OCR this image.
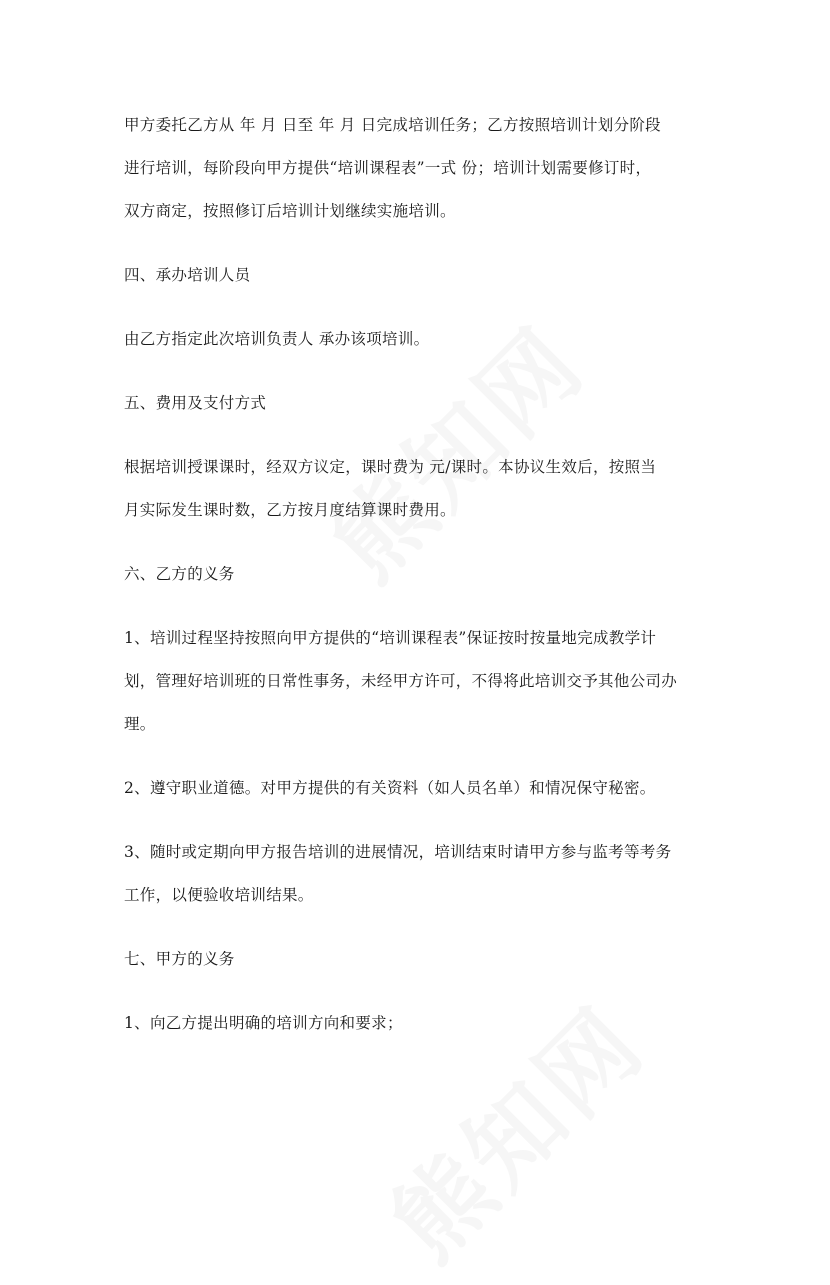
甲方委托乙方从 年 月 日至 年 月 日完成培训任务；乙方按照培训计划分阶段
进行培训，每阶段向甲方提供“培训课程表”一式 份；培训计划需要修订时，
双方商定，按照修订后培训计划继续实施培训。

四、承办培训人员

由乙方指定此次培训负责人 承办该项培训。

五、费用及支付方式

根据培训授课课时，经双方议定，课时费为 元/课时。本协议生效后，按照当
月实际发生课时数，乙方按月度结算课时费用。

六、乙方的义务

1、培训过程坚持按照向甲方提供的“培训课程表”保证按时按量地完成教学计
划，管理好培训班的日常性事务，未经甲方许可，不得将此培训交予其他公司办
理。

2、遵守职业道德。对甲方提供的有关资料（如人员名单）和情况保守秘密。

3、随时或定期向甲方报告培训的进展情况，培训结束时请甲方参与监考等考务
工作，以便验收培训结果。

七、甲方的义务

1、向乙方提出明确的培训方向和要求；
